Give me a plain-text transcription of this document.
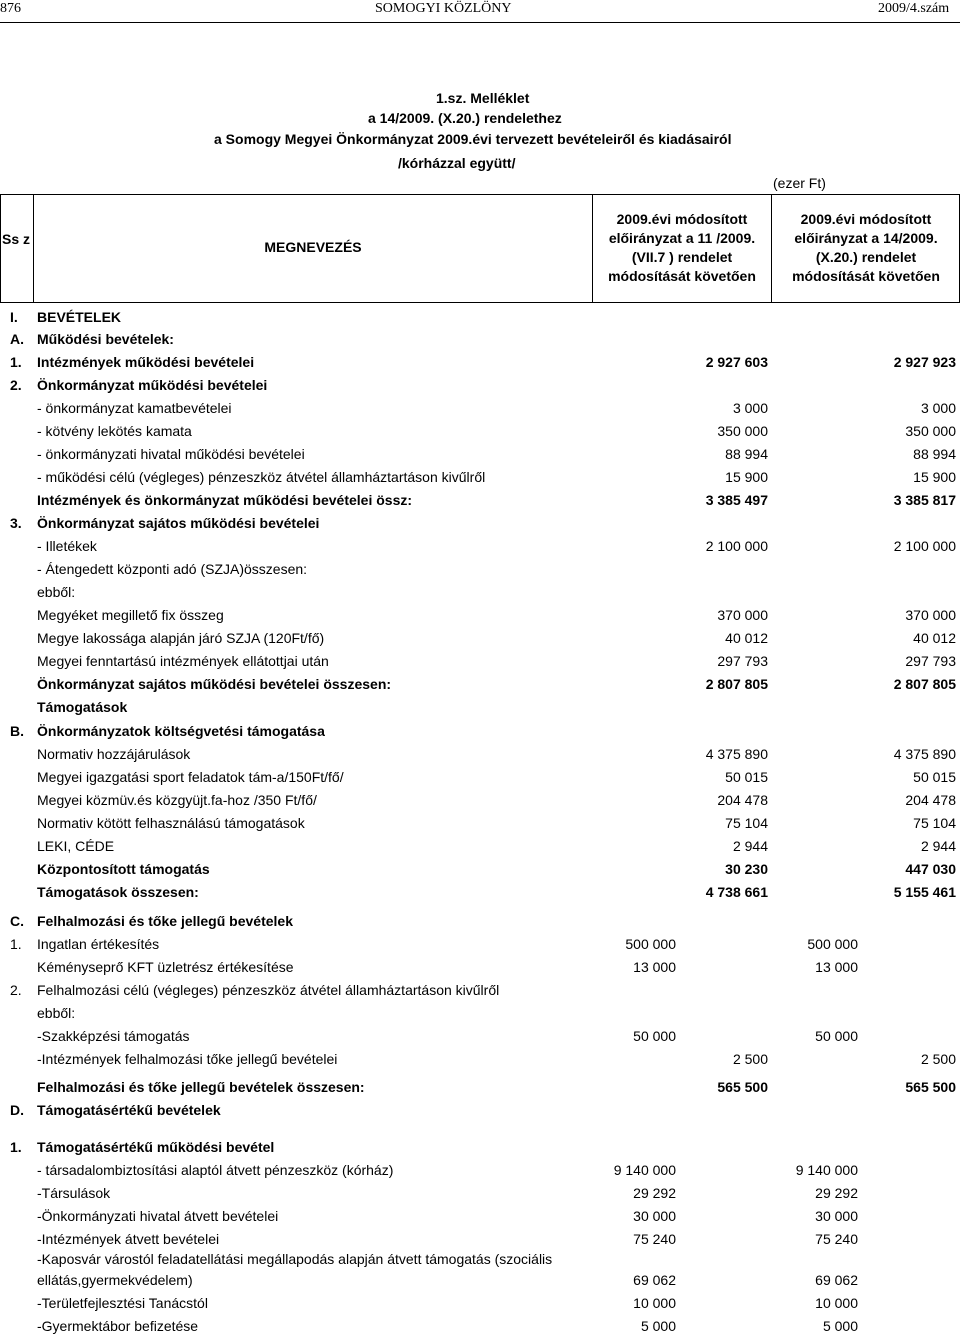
876	SOMOGYI KÖZLÖNY	2009/4.szám
1.sz. Melléklet
a 14/2009. (X.20.) rendelethez
a Somogy Megyei Önkormányzat 2009.évi tervezett bevételeiről és kiadásairól
/kórházzal együtt/
(ezer Ft)
Ss z	MEGNEVEZÉS
2009.évi módosított előirányzat a 11 /2009. (VII.7 ) rendelet módosítását követően
2009.évi módosított előirányzat a 14/2009. (X.20.) rendelet módosítását követően
I. BEVÉTELEK
A. Működési bevételek:
1. Intézmények működési bevételei	2 927 603	2 927 923
2. Önkormányzat működési bevételei
- önkormányzat kamatbevételei	3 000	3 000
- kötvény lekötés kamata	350 000	350 000
- önkormányzati hivatal működési bevételei	88 994	88 994
- működési célú (végleges) pénzeszköz átvétel államháztartáson kivűlről	15 900	15 900
Intézmények és önkormányzat működési bevételei össz:	3 385 497	3 385 817
3. Önkormányzat sajátos működési bevételei
- Illetékek	2 100 000	2 100 000
- Átengedett központi adó (SZJA)összesen:
ebből:
Megyéket megillető fix összeg	370 000	370 000
Megye lakossága alapján járó SZJA (120Ft/fő)	40 012	40 012
Megyei fenntartású intézmények ellátottjai után	297 793	297 793
Önkormányzat sajátos működési bevételei összesen:	2 807 805	2 807 805
Támogatások
B. Önkormányzatok költségvetési támogatása
Normativ hozzájárulások	4 375 890	4 375 890
Megyei igazgatási sport feladatok tám-a/150Ft/fő/	50 015	50 015
Megyei közmüv.és közgyüjt.fa-hoz /350 Ft/fő/	204 478	204 478
Normativ kötött felhasználású támogatások	75 104	75 104
LEKI, CÉDE	2 944	2 944
Központosított támogatás	30 230	447 030
Támogatások összesen:	4 738 661	5 155 461
C. Felhalmozási és tőke jellegű bevételek
1. Ingatlan értékesítés	500 000	500 000
Kéményseprő KFT üzletrész értékesítése	13 000	13 000
2. Felhalmozási célú (végleges) pénzeszköz átvétel államháztartáson kivűlről
ebből:
-Szakképzési támogatás	50 000	50 000
-Intézmények felhalmozási tőke jellegű bevételei	2 500	2 500
Felhalmozási és tőke jellegű bevételek összesen:	565 500	565 500
D. Támogatásértékű bevételek
1. Támogatásértékű működési bevétel
- társadalombiztosítási alaptól átvett pénzeszköz (kórház)	9 140 000	9 140 000
-Társulások	29 292	29 292
-Önkormányzati hivatal átvett bevételei	30 000	30 000
-Intézmények átvett bevételei	75 240	75 240
-Kaposvár várostól feladatellátási megállapodás alapján átvett támogatás (szociális
ellátás,gyermekvédelem)	69 062	69 062
-Területfejlesztési Tanácstól	10 000	10 000
-Gyermektábor befizetése	5 000	5 000
